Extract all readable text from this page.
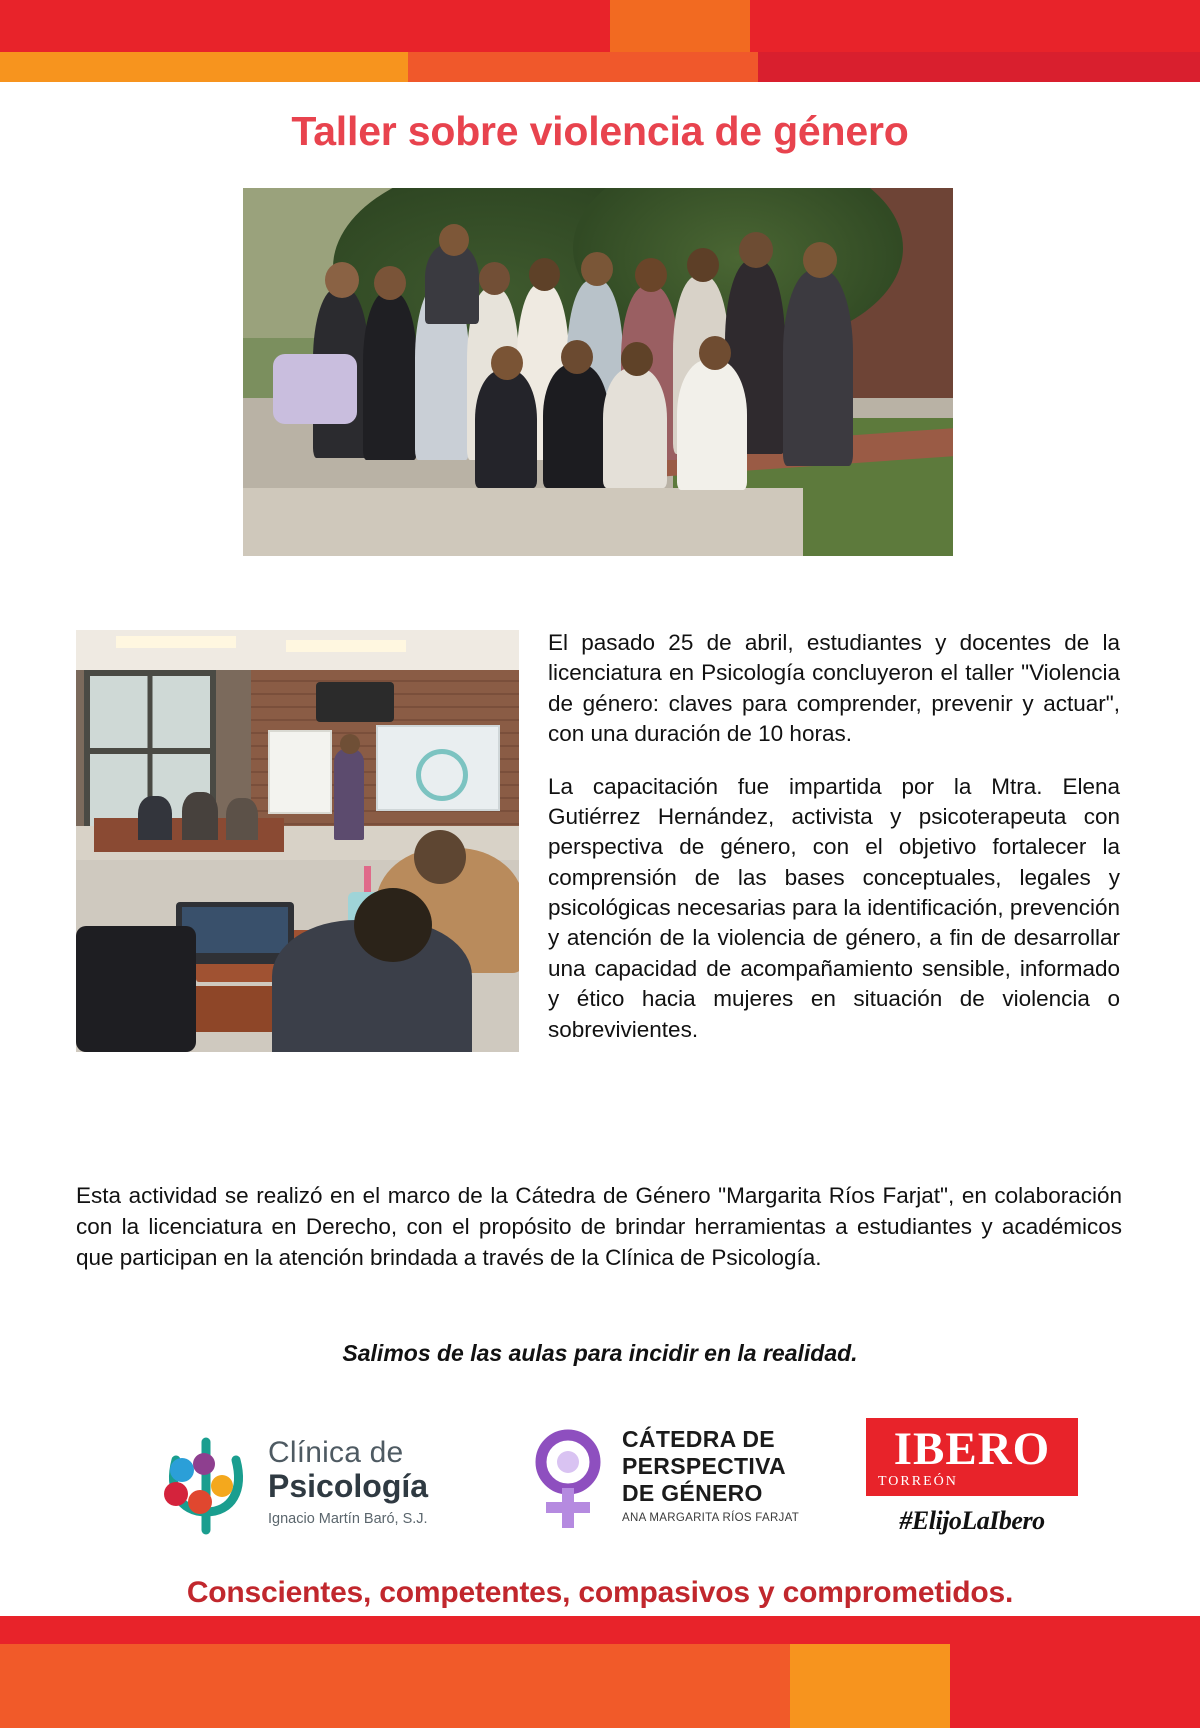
Taller sobre violencia de género

El pasado 25 de abril, estudiantes y docentes de la licenciatura en Psicología concluyeron el taller "Violencia de género: claves para comprender, prevenir y actuar", con una duración de 10 horas.

La capacitación fue impartida por la Mtra. Elena Gutiérrez Hernández, activista y psicoterapeuta con perspectiva de género, con el objetivo fortalecer la comprensión de las bases conceptuales, legales y psicológicas necesarias para la identificación, prevención y atención de la violencia de género, a fin de desarrollar una capacidad de acompañamiento sensible, informado y ético hacia mujeres en situación de violencia o sobrevivientes.

Esta actividad se realizó en el marco de la Cátedra de Género "Margarita Ríos Farjat", en colaboración con la licenciatura en Derecho, con el propósito de brindar herramientas a estudiantes y académicos que participan en la atención brindada a través de la Clínica de Psicología.
Salimos de las aulas para incidir en la realidad.
Clínica de
Psicología
Ignacio Martín Baró, S.J.
CÁTEDRA DE
PERSPECTIVA
DE GÉNERO
ANA MARGARITA RÍOS FARJAT
IBERO
TORREÓN
#ElijoLaIbero
Conscientes, competentes, compasivos y comprometidos.
